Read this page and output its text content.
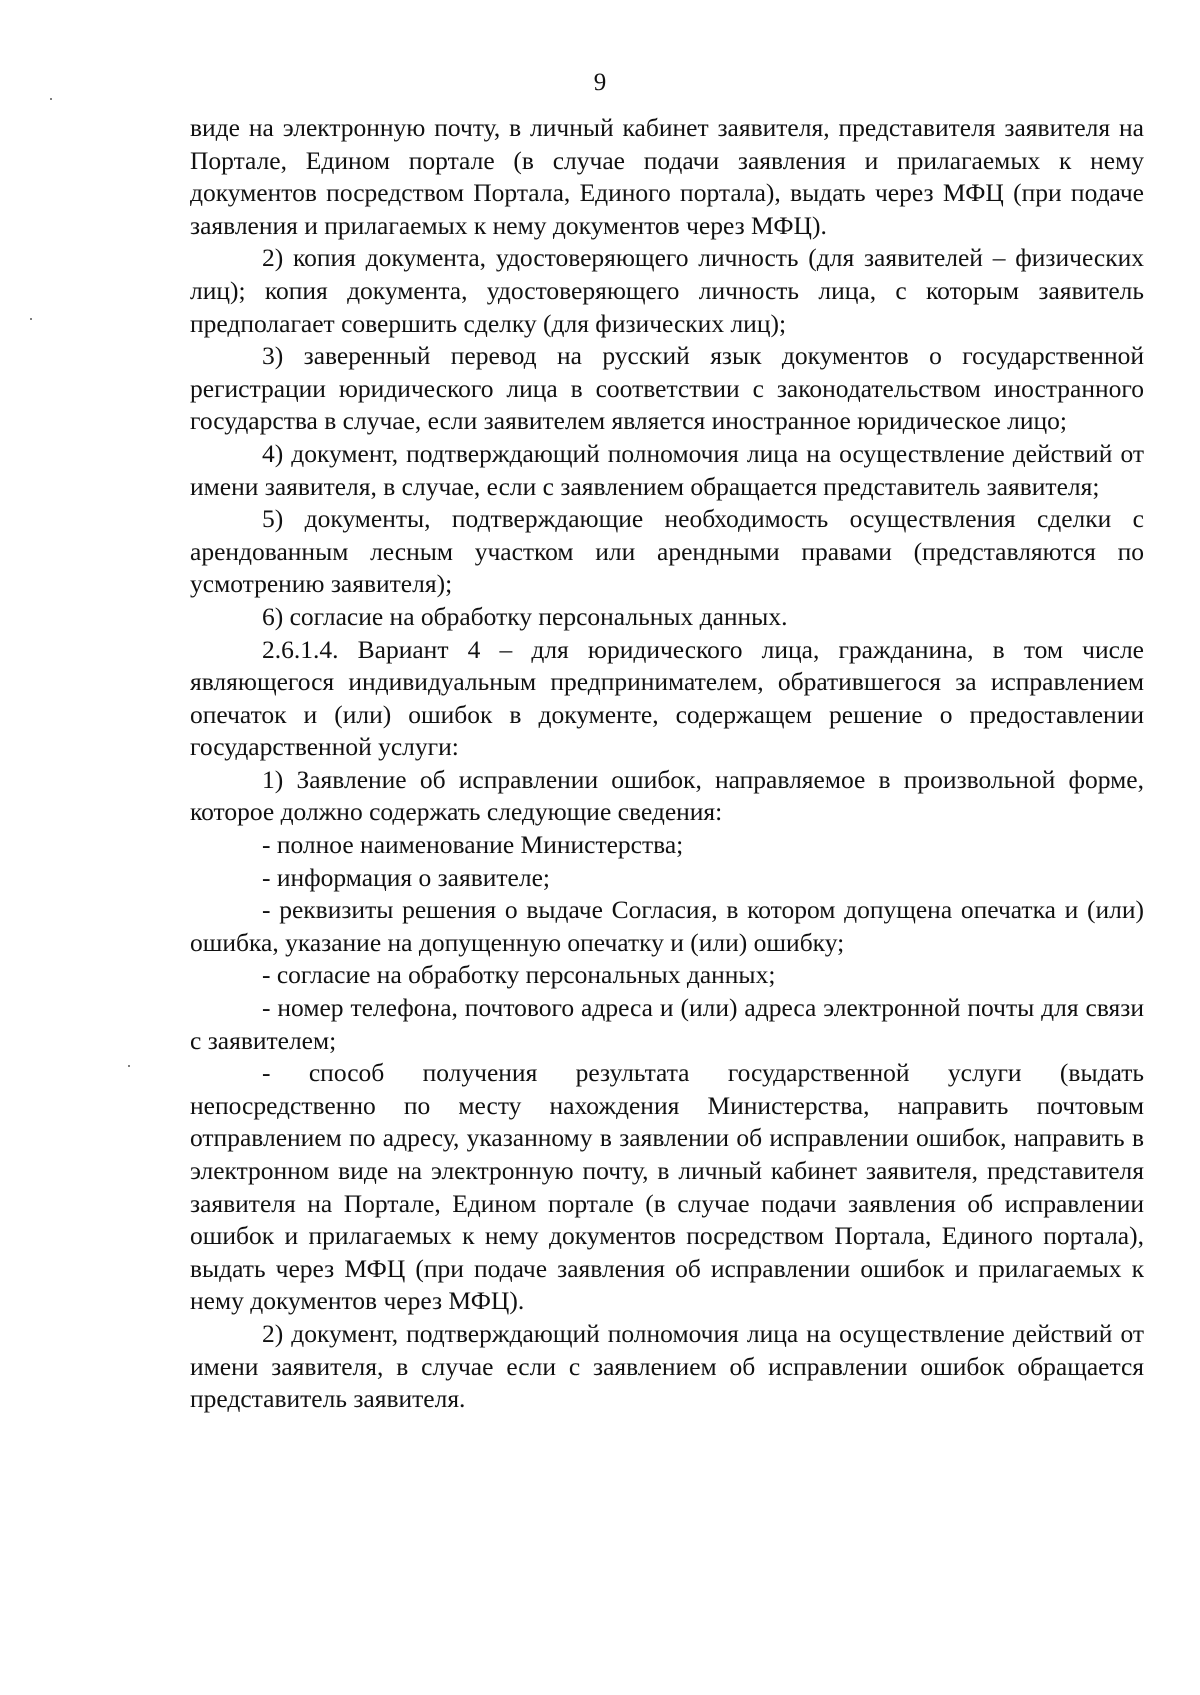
9

виде на электронную почту, в личный кабинет заявителя, представителя заявителя на Портале, Едином портале (в случае подачи заявления и прилагаемых к нему документов посредством Портала, Единого портала), выдать через МФЦ (при подаче заявления и прилагаемых к нему документов через МФЦ).

2) копия документа, удостоверяющего личность (для заявителей – физических лиц); копия документа, удостоверяющего личность лица, с которым заявитель предполагает совершить сделку (для физических лиц);

3) заверенный перевод на русский язык документов о государственной регистрации юридического лица в соответствии с законодательством иностранного государства в случае, если заявителем является иностранное юридическое лицо;

4) документ, подтверждающий полномочия лица на осуществление действий от имени заявителя, в случае, если с заявлением обращается представитель заявителя;

5) документы, подтверждающие необходимость осуществления сделки с арендованным лесным участком или арендными правами (представляются по усмотрению заявителя);

6) согласие на обработку персональных данных.

2.6.1.4. Вариант 4 – для юридического лица, гражданина, в том числе являющегося индивидуальным предпринимателем, обратившегося за исправлением опечаток и (или) ошибок в документе, содержащем решение о предоставлении государственной услуги:

1) Заявление об исправлении ошибок, направляемое в произвольной форме, которое должно содержать следующие сведения:

- полное наименование Министерства;

- информация о заявителе;

- реквизиты решения о выдаче Согласия, в котором допущена опечатка и (или) ошибка, указание на допущенную опечатку и (или) ошибку;

- согласие на обработку персональных данных;

- номер телефона, почтового адреса и (или) адреса электронной почты для связи с заявителем;

- способ получения результата государственной услуги (выдать непосредственно по месту нахождения Министерства, направить почтовым отправлением по адресу, указанному в заявлении об исправлении ошибок, направить в электронном виде на электронную почту, в личный кабинет заявителя, представителя заявителя на Портале, Едином портале (в случае подачи заявления об исправлении ошибок и прилагаемых к нему документов посредством Портала, Единого портала), выдать через МФЦ (при подаче заявления об исправлении ошибок и прилагаемых к нему документов через МФЦ).

2) документ, подтверждающий полномочия лица на осуществление действий от имени заявителя, в случае если с заявлением об исправлении ошибок обращается представитель заявителя.
